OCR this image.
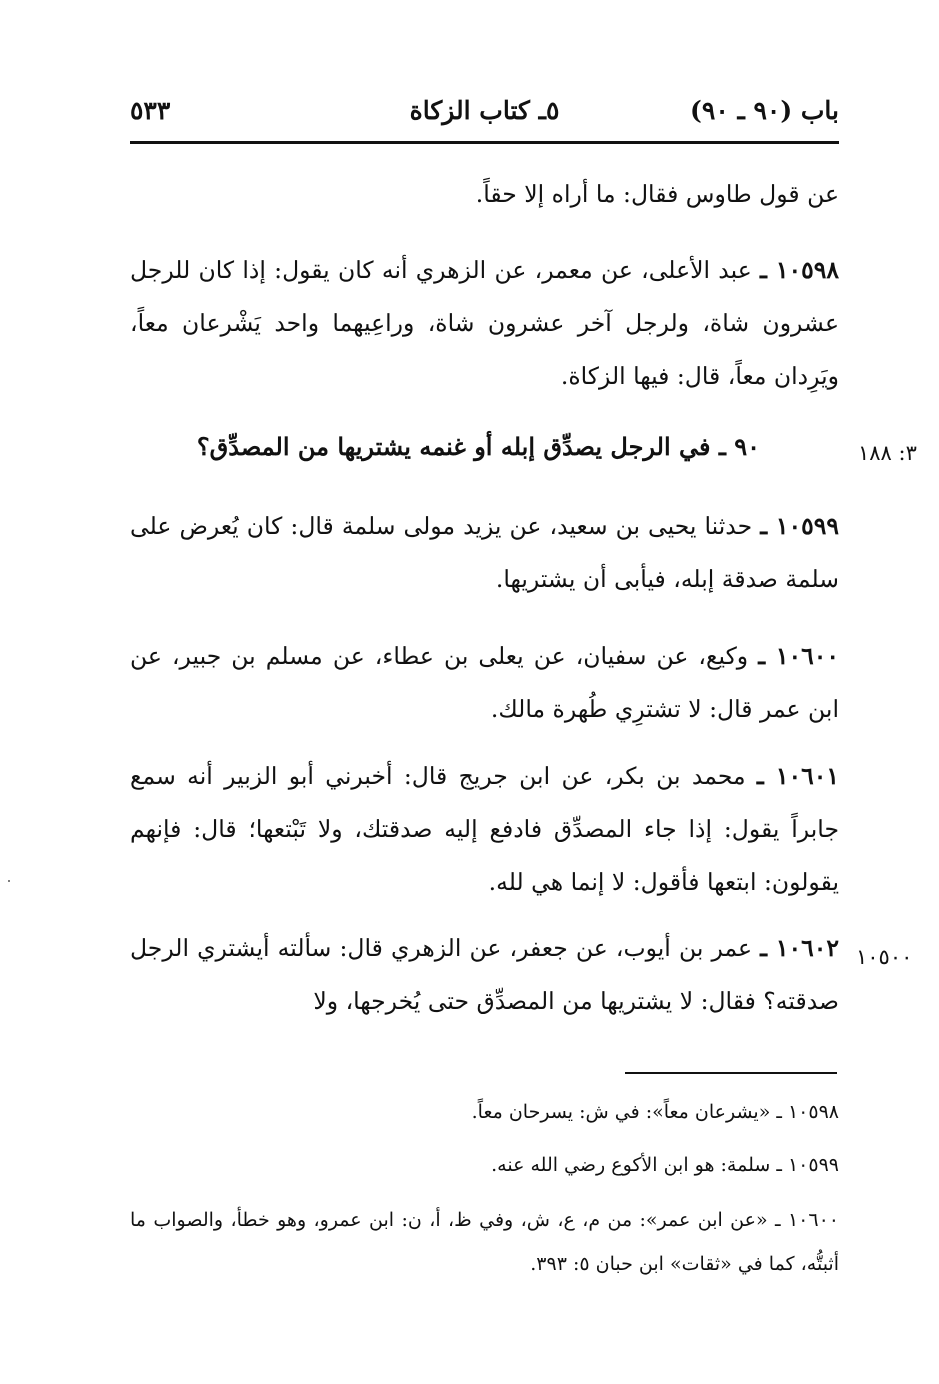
باب (٩٠ ـ ٩٠)
٥ـ كتاب الزكاة
٥٣٣

عن قول طاوس فقال: ما أراه إلا حقاً.

١٠٥٩٨ ـ عبد الأعلى، عن معمر، عن الزهري أنه كان يقول: إذا كان للرجل عشرون شاة، ولرجل آخر عشرون شاة، وراعِيهما واحد يَشْرعان معاً، ويَرِدان معاً، قال: فيها الزكاة.

٣: ١٨٨

٩٠ ـ في الرجل يصدِّق إبله أو غنمه يشتريها من المصدِّق؟

١٠٥٩٩ ـ حدثنا يحيى بن سعيد، عن يزيد مولى سلمة قال: كان يُعرض على سلمة صدقة إبله، فيأبى أن يشتريها.

١٠٦٠٠ ـ وكيع، عن سفيان، عن يعلى بن عطاء، عن مسلم بن جبير، عن ابن عمر قال: لا تشترِي طُهرة مالك.

١٠٦٠١ ـ محمد بن بكر، عن ابن جريج قال: أخبرني أبو الزبير أنه سمع جابراً يقول: إذا جاء المصدِّق فادفع إليه صدقتك، ولا تَبْتعها؛ قال: فإنهم يقولون: ابتعها فأقول: لا إنما هي لله.

١٠٥٠٠

١٠٦٠٢ ـ عمر بن أيوب، عن جعفر، عن الزهري قال: سألته أيشتري الرجل صدقته؟ فقال: لا يشتريها من المصدِّق حتى يُخرجها، ولا

١٠٥٩٨ ـ «يشرعان معاً»: في ش: يسرحان معاً.

١٠٥٩٩ ـ سلمة: هو ابن الأكوع رضي الله عنه.

١٠٦٠٠ ـ «عن ابن عمر»: من م، ع، ش، وفي ظ، أ، ن: ابن عمرو، وهو خطأ، والصواب ما أثبتُّه، كما في «ثقات» ابن حبان ٥: ٣٩٣.
